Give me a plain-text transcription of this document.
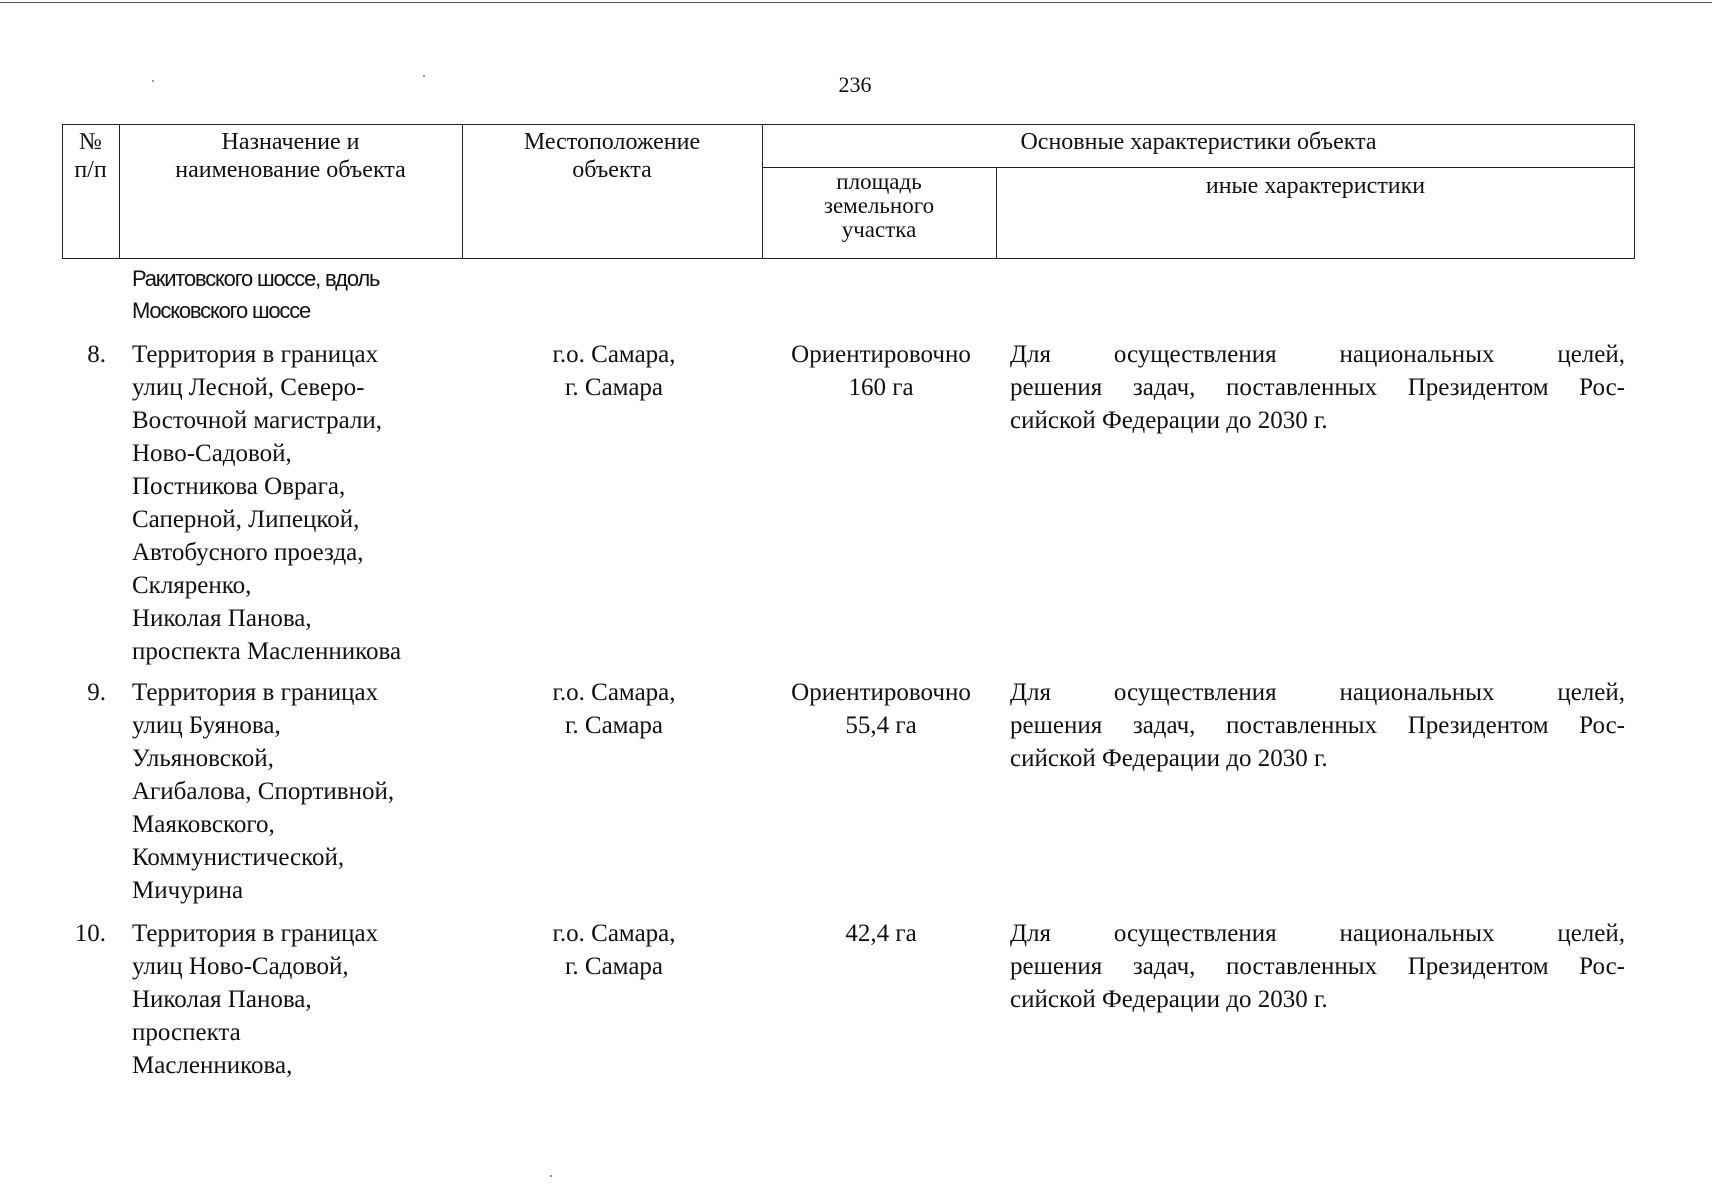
236
№
п/п
Назначение и
наименование объекта
Местоположение
объекта
Основные характеристики объекта
площадь
земельного
участка
иные характеристики
Ракитовского шоссе, вдоль
Московского шоссе
8. Территория в границах
улиц Лесной, Северо-
Восточной магистрали,
Ново-Садовой,
Постникова Оврага,
Саперной, Липецкой,
Автобусного проезда,
Скляренко,
Николая Панова,
проспекта Масленникова
г.о. Самара,
г. Самара
Ориентировочно
160 га
Для осуществления национальных целей,
решения задач, поставленных Президентом Рос-
сийской Федерации до 2030 г.
9. Территория в границах
улиц Буянова,
Ульяновской,
Агибалова, Спортивной,
Маяковского,
Коммунистической,
Мичурина
г.о. Самара,
г. Самара
Ориентировочно
55,4 га
Для осуществления национальных целей,
решения задач, поставленных Президентом Рос-
сийской Федерации до 2030 г.
10. Территория в границах
улиц Ново-Садовой,
Николая Панова,
проспекта
Масленникова,
г.о. Самара,
г. Самара
42,4 га	Для осуществления национальных целей,
решения задач, поставленных Президентом Рос-
сийской Федерации до 2030 г.
